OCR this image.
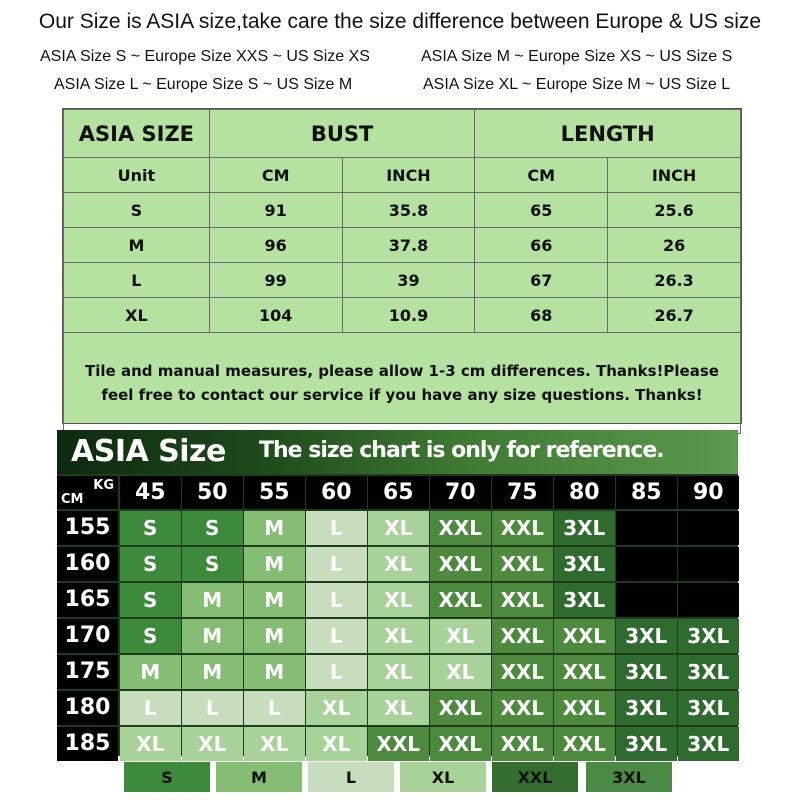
Our Size is ASIA size,take care the size difference between Europe & US size
ASIA Size S ~ Europe Size XXS ~ US Size XS	ASIA Size M ~ Europe Size XS ~ US Size S
ASIA Size L ~ Europe Size S ~ US Size M	ASIA Size XL ~ Europe Size M ~ US Size L
ASIA SIZE	BUST		LENGTH	
Unit	CM	INCH	CM	INCH
S	91	35.8	65	25.6
M	96	37.8	66	26
L	99	39	67	26.3
XL	104	10.9	68	26.7
Tile and manual measures, please allow 1-3 cm differences. Thanks!Please feel free to contact our service if you have any size questions. Thanks!				
ASIA Size The size chart is only for reference.
CM
KG 45	50	55	60	65	70	75	80	85	90
155	S	S	M	L	XL	XXL XXL 3XL
160	S	S	M	L	XL	XXL XXL 3XL
165	S	M	M	L	XL	XXL XXL 3XL
170	S	M	M	L	XL	XL	XXL XXL 3XL 3XL
175	M	M	M	L	XL	XL	XXL XXL 3XL 3XL
180	L	L	L	XL	XL	XXL XXL XXL 3XL 3XL
185	XL	XL	XL	XL	XXL XXL XXL XXL 3XL 3XL
S	M	L	XL	XXL	3XL
